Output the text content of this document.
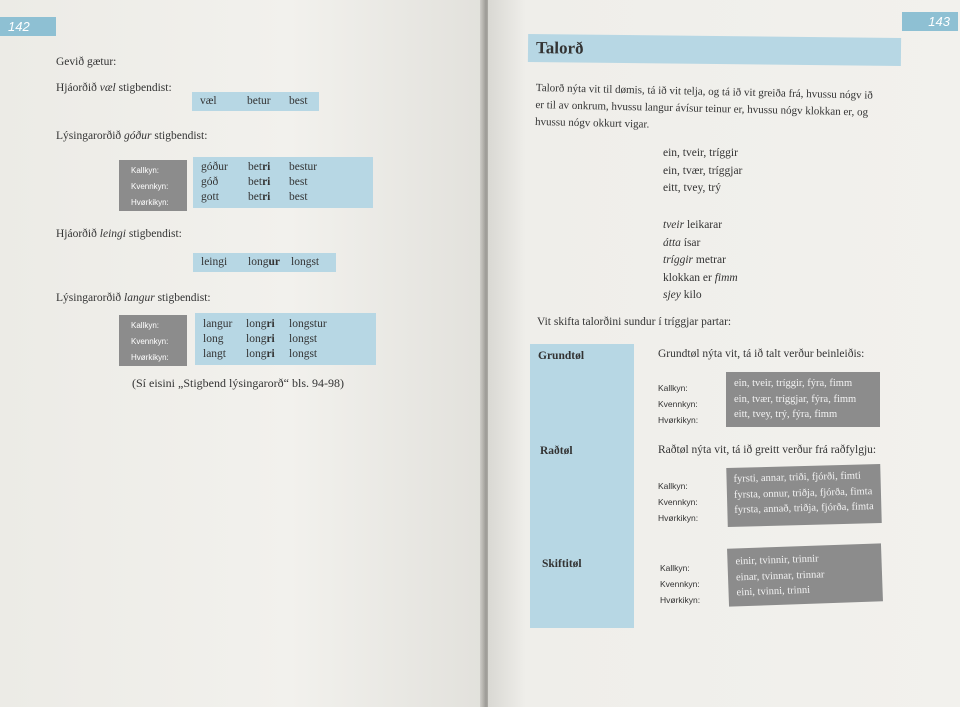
142
Gevið gætur:
Hjáorðið væl stigbendist:
væl	betur best
Lýsingarorðið góður stigbendist:
Kallkyn:
Kvennkyn:
Hvørkikyn:
góður
góð
gott
betri
betri
betri
bestur
best
best
Hjáorðið leingi stigbendist:
leingi longur longst
Lýsingarorðið langur stigbendist:
Kallkyn:
Kvennkyn:
Hvørkikyn:
langur
long
langt
longri
longri
longri
longstur
longst
longst
(Sí eisini „Stigbend lýsingarorð“ bls. 94-98)
143
Talorð
Talorð nýta vit til dømis, tá ið vit telja, og tá ið vit greiða frá, hvussu nógv ið
er til av onkrum, hvussu langur ávísur teinur er, hvussu nógv klokkan er, og
hvussu nógv okkurt vigar.
ein, tveir, tríggir
ein, tvær, tríggjar
eitt, tvey, trý
tveir leikarar
átta ísar
tríggir metrar
klokkan er fimm
sjey kilo
Vit skifta talorðini sundur í tríggjar partar:
Grundtøl
Raðtøl
Skiftitøl
Grundtøl nýta vit, tá ið talt verður beinleiðis:
Kallkyn:
Kvennkyn:
Hvørkikyn:
ein, tveir, tríggir, fýra, fimm
ein, tvær, tríggjar, fýra, fimm
eitt, tvey, trý, fýra, fimm
Raðtøl nýta vit, tá ið greitt verður frá raðfylgju:
Kallkyn:
Kvennkyn:
Hvørkikyn:
fyrsti, annar, triði, fjórði, fimti
fyrsta, onnur, triðja, fjórða, fimta
fyrsta, annað, triðja, fjórða, fimta
Kallkyn:
Kvennkyn:
Hvørkikyn:
einir, tvinnir, trinnir
einar, tvinnar, trinnar
eini, tvinni, trinni
